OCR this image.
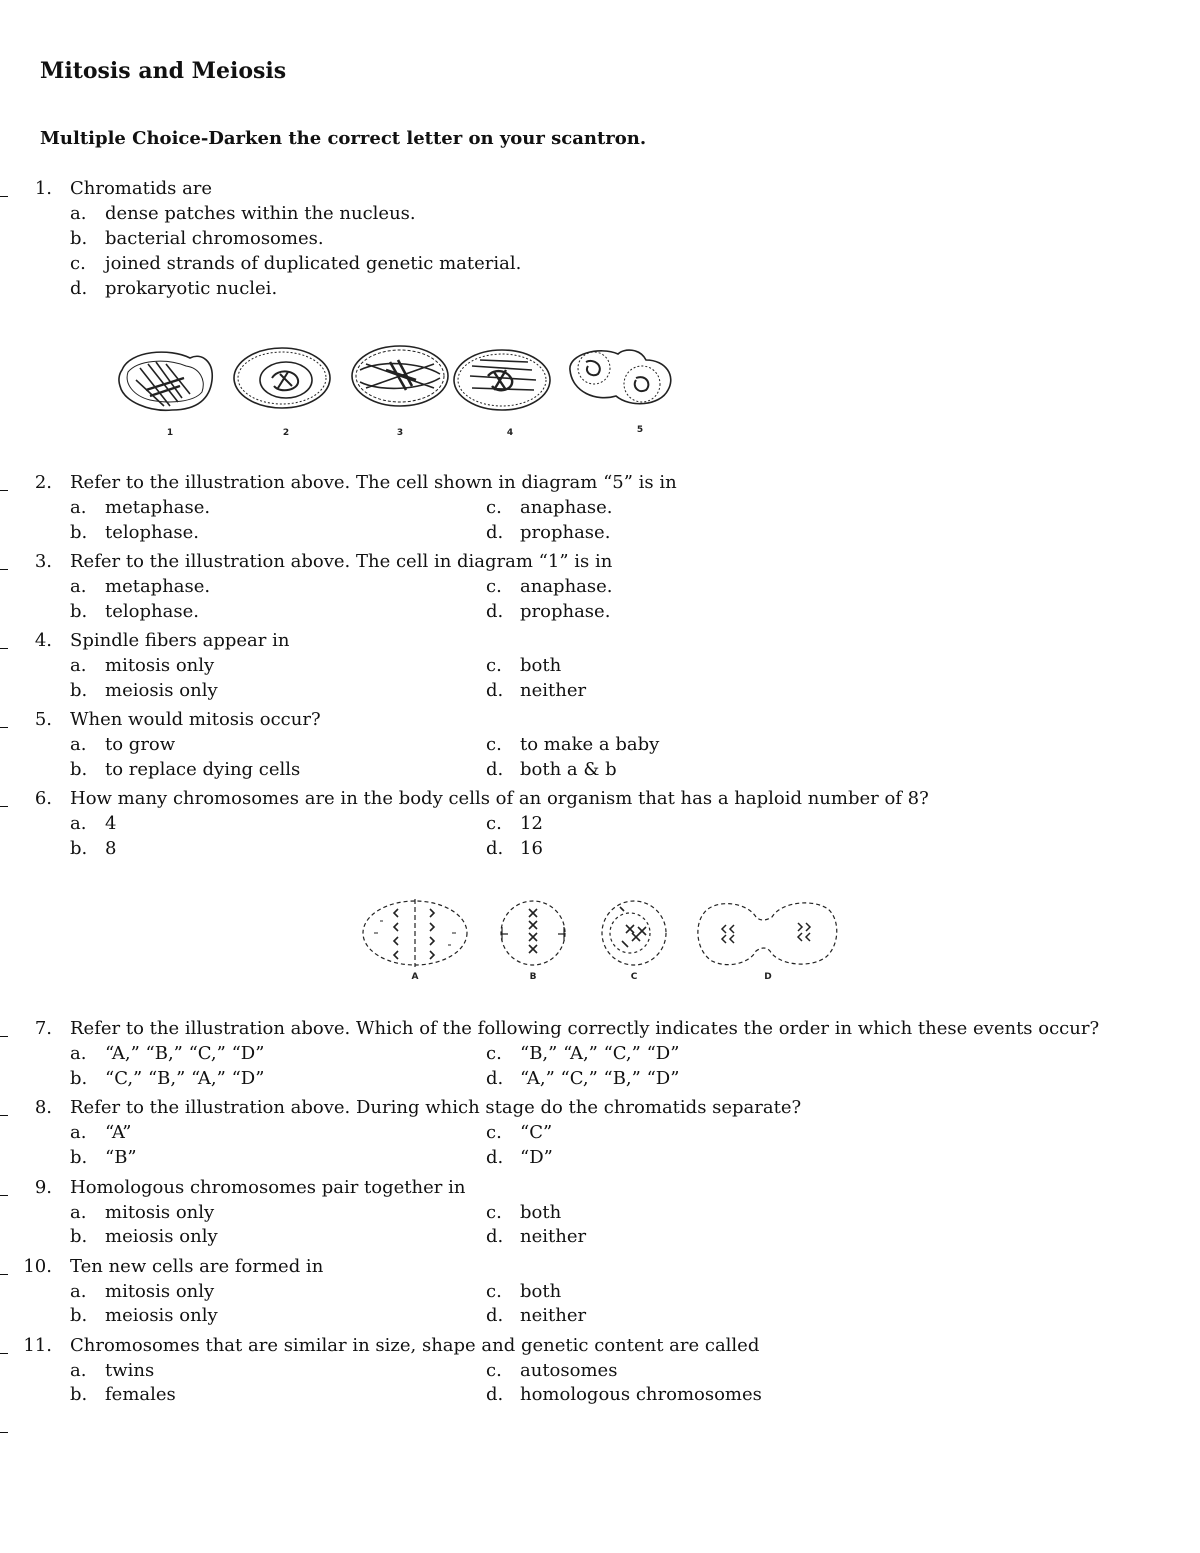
Mitosis and Meiosis
Multiple Choice-Darken the correct letter on your scantron.
1. Chromatids are
a. dense patches within the nucleus.
b. bacterial chromosomes.
c. joined strands of duplicated genetic material.
d. prokaryotic nuclei.
1	2	3	4	5
2. Refer to the illustration above. The cell shown in diagram “5” is in
a. metaphase.
b. telophase.
c. anaphase.
d. prophase.
3. Refer to the illustration above. The cell in diagram “1” is in
a. metaphase.
b. telophase.
c. anaphase.
d. prophase.
4. Spindle fibers appear in
a. mitosis only
b. meiosis only
c. both
d. neither
5. When would mitosis occur?
a. to grow
b. to replace dying cells
c. to make a baby
d. both a & b
6. How many chromosomes are in the body cells of an organism that has a haploid number of 8?
a. 4
b. 8
c. 12
d. 16
A	B	C	D
7. Refer to the illustration above. Which of the following correctly indicates the order in which these events occur?
a. “A,” “B,” “C,” “D”
b. “C,” “B,” “A,” “D”
c. “B,” “A,” “C,” “D”
d. “A,” “C,” “B,” “D”
8. Refer to the illustration above. During which stage do the chromatids separate?
a. “A”
b. “B”
c. “C”
d. “D”
9. Homologous chromosomes pair together in
a. mitosis only
b. meiosis only
c. both
d. neither
10. Ten new cells are formed in
a. mitosis only
b. meiosis only
c. both
d. neither
11. Chromosomes that are similar in size, shape and genetic content are called
a. twins
b. females
c. autosomes
d. homologous chromosomes
